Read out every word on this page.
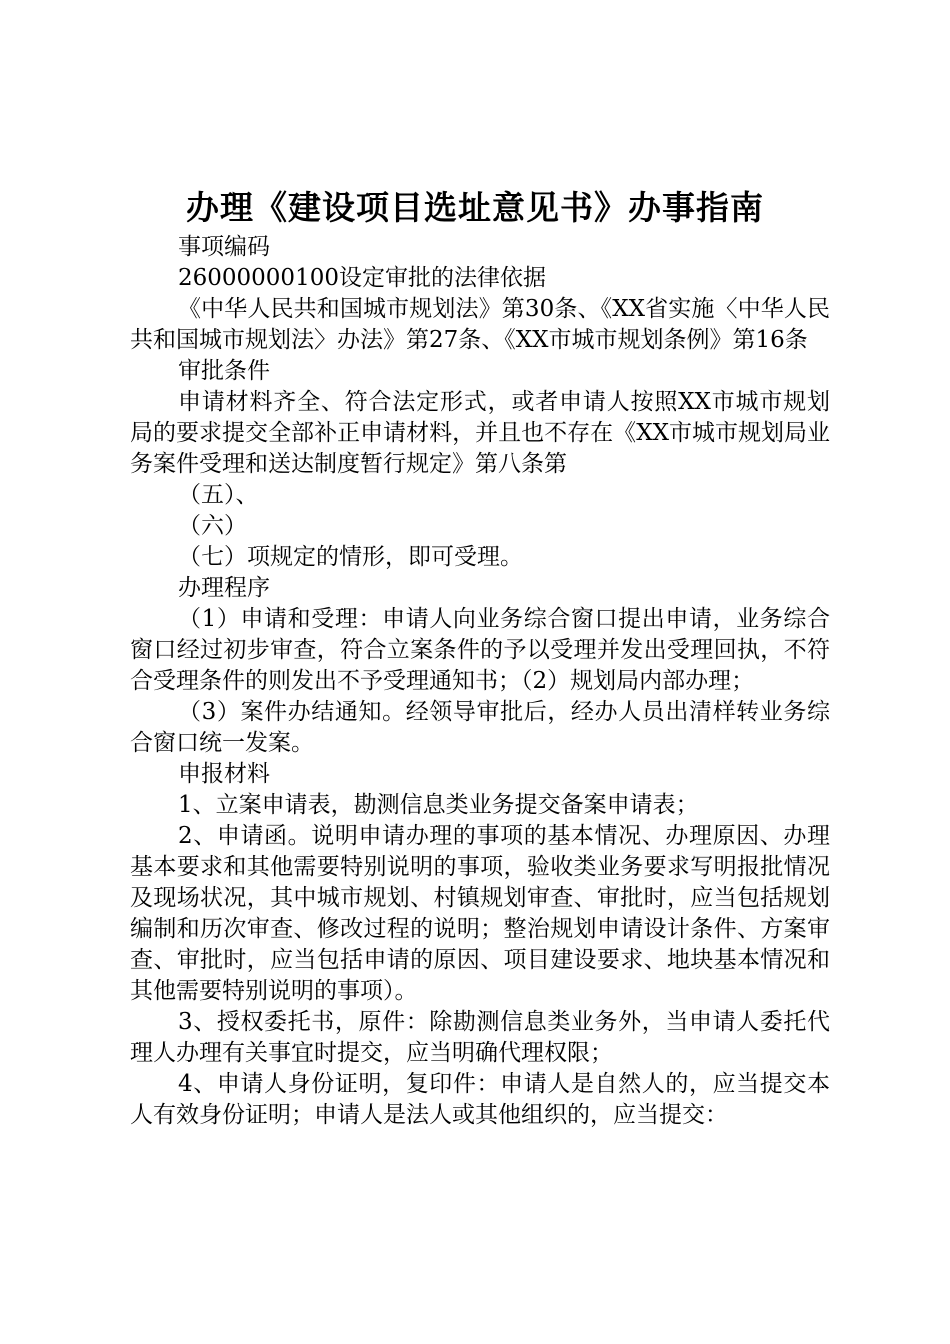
办理《建设项目选址意见书》办事指南

事项编码

26000000100设定审批的法律依据

《中华人民共和国城市规划法》第30条、《XX省实施〈中华人民共和国城市规划法〉办法》第27条、《XX市城市规划条例》第16条

审批条件

申请材料齐全、符合法定形式，或者申请人按照XX市城市规划局的要求提交全部补正申请材料，并且也不存在《XX市城市规划局业务案件受理和送达制度暂行规定》第八条第

（五）、

（六）

（七）项规定的情形，即可受理。

办理程序

（1）申请和受理：申请人向业务综合窗口提出申请，业务综合窗口经过初步审查，符合立案条件的予以受理并发出受理回执，不符合受理条件的则发出不予受理通知书；（2）规划局内部办理；

（3）案件办结通知。经领导审批后，经办人员出清样转业务综合窗口统一发案。

申报材料

1、立案申请表，勘测信息类业务提交备案申请表；

2、申请函。说明申请办理的事项的基本情况、办理原因、办理基本要求和其他需要特别说明的事项，验收类业务要求写明报批情况及现场状况，其中城市规划、村镇规划审查、审批时，应当包括规划编制和历次审查、修改过程的说明；整治规划申请设计条件、方案审查、审批时，应当包括申请的原因、项目建设要求、地块基本情况和其他需要特别说明的事项）。

3、授权委托书，原件：除勘测信息类业务外，当申请人委托代理人办理有关事宜时提交，应当明确代理权限；

4、申请人身份证明，复印件：申请人是自然人的，应当提交本人有效身份证明；申请人是法人或其他组织的，应当提交：
